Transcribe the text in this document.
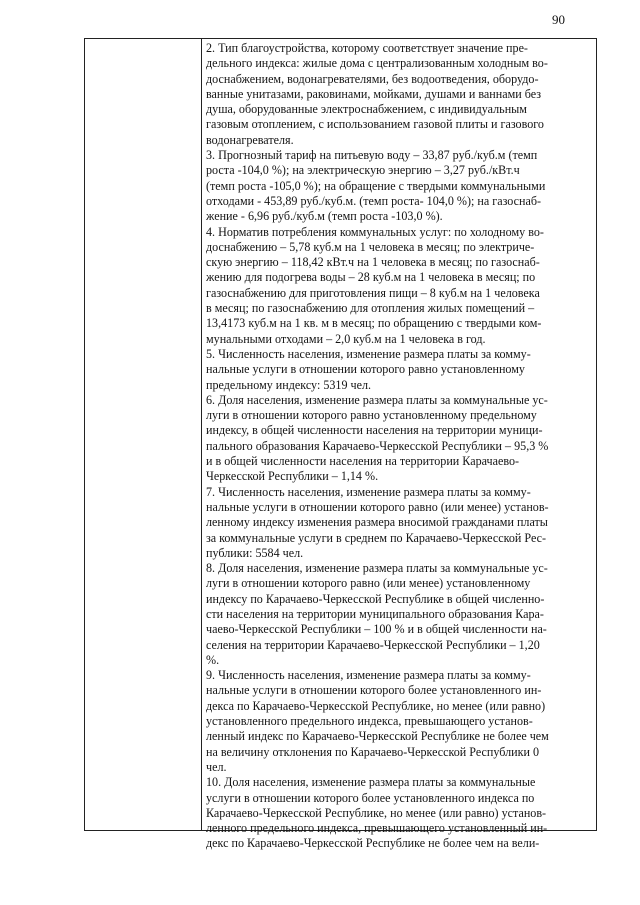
90

2. Тип благоустройства, которому соответствует значение пре-
дельного индекса: жилые дома с централизованным холодным во-
доснабжением, водонагревателями, без водоотведения, оборудо-
ванные унитазами, раковинами, мойками, душами и ваннами без
душа, оборудованные электроснабжением, с индивидуальным
газовым отоплением, с использованием газовой плиты и газового
водонагревателя.

3. Прогнозный тариф на питьевую воду – 33,87 руб./куб.м (темп
роста -104,0 %); на электрическую энергию – 3,27 руб./кВт.ч
(темп роста -105,0 %); на обращение с твердыми коммунальными
отходами - 453,89 руб./куб.м. (темп роста- 104,0 %); на газоснаб-
жение - 6,96 руб./куб.м (темп роста -103,0 %).

4. Норматив потребления коммунальных услуг: по холодному во-
доснабжению – 5,78 куб.м на 1 человека в месяц; по электриче-
скую энергию – 118,42 кВт.ч на 1 человека в месяц; по газоснаб-
жению для подогрева воды – 28 куб.м на 1 человека в месяц; по
газоснабжению для приготовления пищи – 8 куб.м на 1 человека
в месяц; по газоснабжению для отопления жилых помещений –
13,4173 куб.м на 1 кв. м в месяц; по обращению с твердыми ком-
мунальными отходами – 2,0 куб.м на 1 человека в год.

5. Численность населения, изменение размера платы за комму-
нальные услуги в отношении которого равно установленному
предельному индексу: 5319 чел.

6. Доля населения, изменение размера платы за коммунальные ус-
луги в отношении которого равно установленному предельному
индексу, в общей численности населения на территории муници-
пального образования Карачаево-Черкесской Республики – 95,3 %
и в общей численности населения на территории Карачаево-
Черкесской Республики – 1,14 %.

7. Численность населения, изменение размера платы за комму-
нальные услуги в отношении которого равно (или менее) установ-
ленному индексу изменения размера вносимой гражданами платы
за коммунальные услуги в среднем по Карачаево-Черкесской Рес-
публики: 5584 чел.

8. Доля населения, изменение размера платы за коммунальные ус-
луги в отношении которого равно (или менее) установленному
индексу по Карачаево-Черкесской Республике в общей численно-
сти населения на территории муниципального образования Кара-
чаево-Черкесской Республики – 100 % и в общей численности на-
селения на территории Карачаево-Черкесской Республики – 1,20
%.

9. Численность населения, изменение размера платы за комму-
нальные услуги в отношении которого более установленного ин-
декса по Карачаево-Черкесской Республике, но менее (или равно)
установленного предельного индекса, превышающего установ-
ленный индекс по Карачаево-Черкесской Республике не более чем
на величину отклонения по Карачаево-Черкесской Республики 0
чел.

10. Доля населения, изменение размера платы за коммунальные
услуги в отношении которого более установленного индекса по
Карачаево-Черкесской Республике, но менее (или равно) установ-
ленного предельного индекса, превышающего установленный ин-
декс по Карачаево-Черкесской Республике не более чем на вели-
